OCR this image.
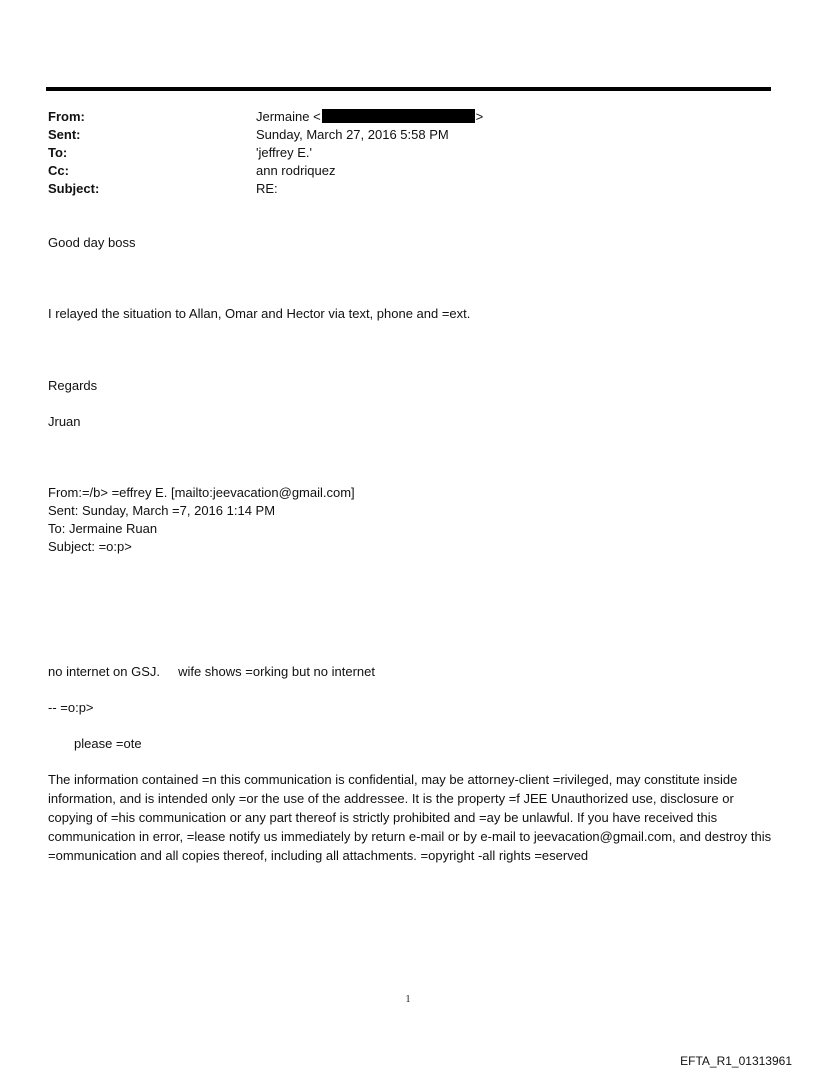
From:	Jermaine <	>
Sent:	Sunday, March 27, 2016 5:58 PM
To:	'jeffrey E.'
Cc:	ann rodriquez
Subject:	RE:
Good day boss
I relayed the situation to Allan, Omar and Hector via text, phone and =ext.
Regards
Jruan
From:=/b> =effrey E. [mailto:jeevacation@gmail.com]
Sent: Sunday, March =7, 2016 1:14 PM
To: Jermaine Ruan
Subject: =o:p>
no internet on GSJ.     wife shows =orking but no internet
-- =o:p>
please =ote
The information contained =n this communication is confidential, may be attorney-client =rivileged, may constitute inside information, and is intended only =or the use of the addressee. It is the property =f JEE Unauthorized use, disclosure or copying of =his communication or any part thereof is strictly prohibited and =ay be unlawful. If you have received this communication in error, =lease notify us immediately by return e-mail or by e-mail to jeevacation@gmail.com, and destroy this =ommunication and all copies thereof, including all attachments. =opyright -all rights =eserved
1
EFTA_R1_01313961
